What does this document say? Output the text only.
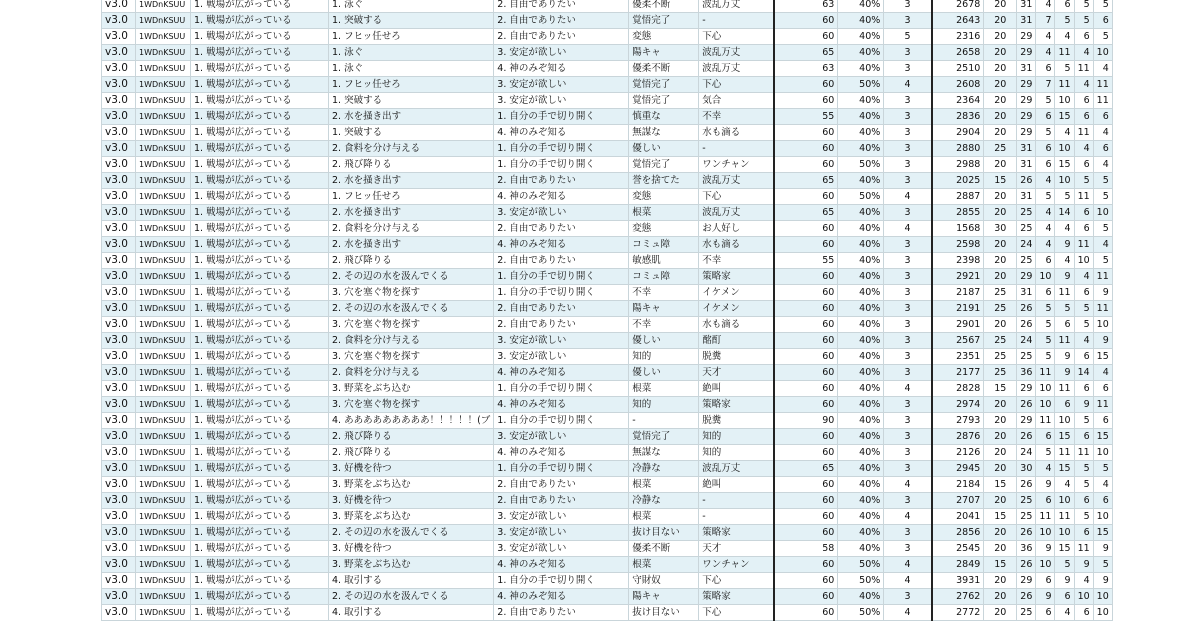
v3.0	1WDnKSUU	1. 戦場が広がっている	1. 泳ぐ	2. 自由でありたい	優柔不断	波乱万丈	63	40%	3	2678	20	31	4	6	5	5
v3.0	1WDnKSUU	1. 戦場が広がっている	1. 突破する	2. 自由でありたい	覚悟完了	-	60	40%	3	2643	20	31	7	5	5	6
v3.0	1WDnKSUU	1. 戦場が広がっている	1. フヒッ任せろ	2. 自由でありたい	変態	下心	60	40%	5	2316	20	29	4	4	6	5
v3.0	1WDnKSUU	1. 戦場が広がっている	1. 泳ぐ	3. 安定が欲しい	陽キャ	波乱万丈	65	40%	3	2658	20	29	4	11	4	10
v3.0	1WDnKSUU	1. 戦場が広がっている	1. 泳ぐ	4. 神のみぞ知る	優柔不断	波乱万丈	63	40%	3	2510	20	31	6	5	11	4
v3.0	1WDnKSUU	1. 戦場が広がっている	1. フヒッ任せろ	3. 安定が欲しい	覚悟完了	下心	60	50%	4	2608	20	29	7	11	4	11
v3.0	1WDnKSUU	1. 戦場が広がっている	1. 突破する	3. 安定が欲しい	覚悟完了	気合	60	40%	3	2364	20	29	5	10	6	11
v3.0	1WDnKSUU	1. 戦場が広がっている	2. 水を掻き出す	1. 自分の手で切り開く	慎重な	不幸	55	40%	3	2836	20	29	6	15	6	6
v3.0	1WDnKSUU	1. 戦場が広がっている	1. 突破する	4. 神のみぞ知る	無謀な	水も滴る	60	40%	3	2904	20	29	5	4	11	4
v3.0	1WDnKSUU	1. 戦場が広がっている	2. 食料を分け与える	1. 自分の手で切り開く	優しい	-	60	40%	3	2880	25	31	6	10	4	6
v3.0	1WDnKSUU	1. 戦場が広がっている	2. 飛び降りる	1. 自分の手で切り開く	覚悟完了	ワンチャン	60	50%	3	2988	20	31	6	15	6	4
v3.0	1WDnKSUU	1. 戦場が広がっている	2. 水を掻き出す	2. 自由でありたい	誉を捨てた	波乱万丈	65	40%	3	2025	15	26	4	10	5	5
v3.0	1WDnKSUU	1. 戦場が広がっている	1. フヒッ任せろ	4. 神のみぞ知る	変態	下心	60	50%	4	2887	20	31	5	5	11	5
v3.0	1WDnKSUU	1. 戦場が広がっている	2. 水を掻き出す	3. 安定が欲しい	根菜	波乱万丈	65	40%	3	2855	20	25	4	14	6	10
v3.0	1WDnKSUU	1. 戦場が広がっている	2. 食料を分け与える	2. 自由でありたい	変態	お人好し	60	40%	4	1568	30	25	4	4	6	5
v3.0	1WDnKSUU	1. 戦場が広がっている	2. 水を掻き出す	4. 神のみぞ知る	コミュ障	水も滴る	60	40%	3	2598	20	24	4	9	11	4
v3.0	1WDnKSUU	1. 戦場が広がっている	2. 飛び降りる	2. 自由でありたい	敏感肌	不幸	55	40%	3	2398	20	25	6	4	10	5
v3.0	1WDnKSUU	1. 戦場が広がっている	2. その辺の水を汲んでくる	1. 自分の手で切り開く	コミュ障	策略家	60	40%	3	2921	20	29	10	9	4	11
v3.0	1WDnKSUU	1. 戦場が広がっている	3. 穴を塞ぐ物を探す	1. 自分の手で切り開く	不幸	イケメン	60	40%	3	2187	25	31	6	11	6	9
v3.0	1WDnKSUU	1. 戦場が広がっている	2. その辺の水を汲んでくる	2. 自由でありたい	陽キャ	イケメン	60	40%	3	2191	25	26	5	5	5	11
v3.0	1WDnKSUU	1. 戦場が広がっている	3. 穴を塞ぐ物を探す	2. 自由でありたい	不幸	水も滴る	60	40%	3	2901	20	26	5	6	5	10
v3.0	1WDnKSUU	1. 戦場が広がっている	2. 食料を分け与える	3. 安定が欲しい	優しい	酩酊	60	40%	3	2567	25	24	5	11	4	9
v3.0	1WDnKSUU	1. 戦場が広がっている	3. 穴を塞ぐ物を探す	3. 安定が欲しい	知的	脱糞	60	40%	3	2351	25	25	5	9	6	15
v3.0	1WDnKSUU	1. 戦場が広がっている	2. 食料を分け与える	4. 神のみぞ知る	優しい	天才	60	40%	3	2177	25	36	11	9	14	4
v3.0	1WDnKSUU	1. 戦場が広がっている	3. 野菜をぶち込む	1. 自分の手で切り開く	根菜	絶叫	60	40%	4	2828	15	29	10	11	6	6
v3.0	1WDnKSUU	1. 戦場が広がっている	3. 穴を塞ぐ物を探す	4. 神のみぞ知る	知的	策略家	60	40%	3	2974	20	26	10	6	9	11
v3.0	1WDnKSUU	1. 戦場が広がっている	4. あああああああああ！！！！！(ブ	1. 自分の手で切り開く	-	脱糞	90	40%	3	2793	20	29	11	10	5	6
v3.0	1WDnKSUU	1. 戦場が広がっている	2. 飛び降りる	3. 安定が欲しい	覚悟完了	知的	60	40%	3	2876	20	26	6	15	6	15
v3.0	1WDnKSUU	1. 戦場が広がっている	2. 飛び降りる	4. 神のみぞ知る	無謀な	知的	60	40%	3	2126	20	24	5	11	11	10
v3.0	1WDnKSUU	1. 戦場が広がっている	3. 好機を待つ	1. 自分の手で切り開く	冷静な	波乱万丈	65	40%	3	2945	20	30	4	15	5	5
v3.0	1WDnKSUU	1. 戦場が広がっている	3. 野菜をぶち込む	2. 自由でありたい	根菜	絶叫	60	40%	4	2184	15	26	9	4	5	4
v3.0	1WDnKSUU	1. 戦場が広がっている	3. 好機を待つ	2. 自由でありたい	冷静な	-	60	40%	3	2707	20	25	6	10	6	6
v3.0	1WDnKSUU	1. 戦場が広がっている	3. 野菜をぶち込む	3. 安定が欲しい	根菜	-	60	40%	4	2041	15	25	11	11	5	10
v3.0	1WDnKSUU	1. 戦場が広がっている	2. その辺の水を汲んでくる	3. 安定が欲しい	抜け目ない	策略家	60	40%	3	2856	20	26	10	10	6	15
v3.0	1WDnKSUU	1. 戦場が広がっている	3. 好機を待つ	3. 安定が欲しい	優柔不断	天才	58	40%	3	2545	20	36	9	15	11	9
v3.0	1WDnKSUU	1. 戦場が広がっている	3. 野菜をぶち込む	4. 神のみぞ知る	根菜	ワンチャン	60	50%	4	2849	15	26	10	5	9	5
v3.0	1WDnKSUU	1. 戦場が広がっている	4. 取引する	1. 自分の手で切り開く	守財奴	下心	60	50%	4	3931	20	29	6	9	4	9
v3.0	1WDnKSUU	1. 戦場が広がっている	2. その辺の水を汲んでくる	4. 神のみぞ知る	陽キャ	策略家	60	40%	3	2762	20	26	9	6	10	10
v3.0	1WDnKSUU	1. 戦場が広がっている	4. 取引する	2. 自由でありたい	抜け目ない	下心	60	50%	4	2772	20	25	6	4	6	10
